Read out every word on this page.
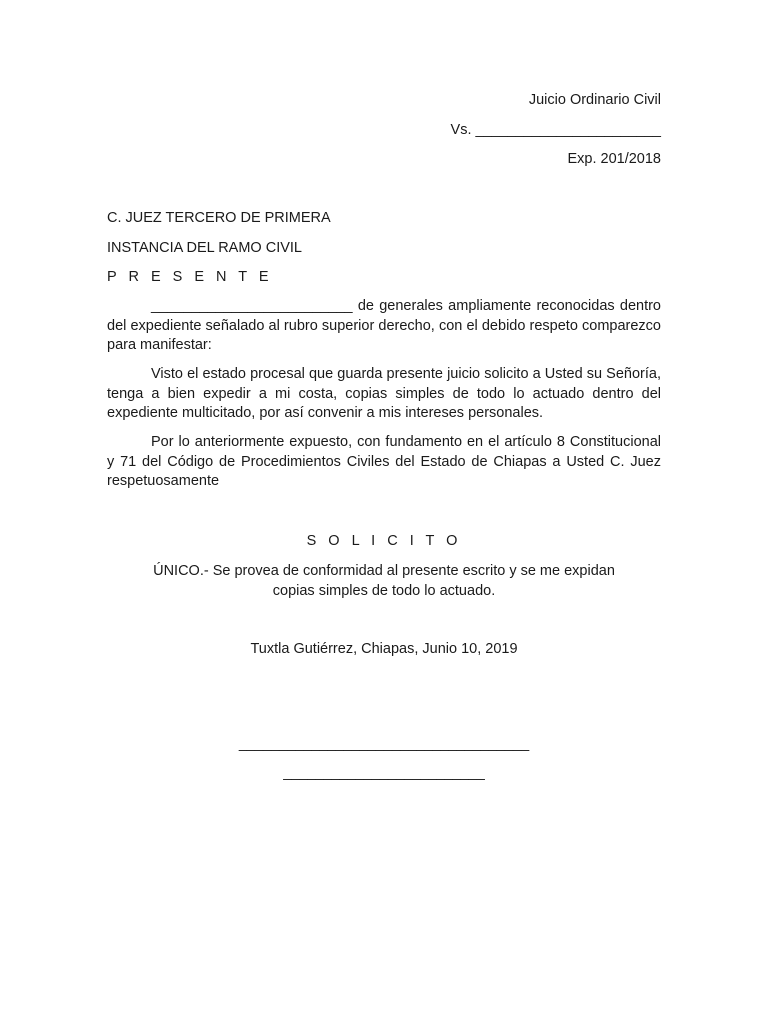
Juicio Ordinario Civil
Vs. _______________________
Exp. 201/2018
C. JUEZ TERCERO DE PRIMERA
INSTANCIA DEL RAMO CIVIL
P R E S E N T E
_________________________ de generales ampliamente reconocidas dentro del expediente señalado al rubro superior derecho, con el debido respeto comparezco para manifestar:
Visto el estado procesal que guarda presente juicio solicito a Usted su Señoría, tenga a bien expedir a mi costa, copias simples de todo lo actuado dentro del expediente multicitado, por así convenir a mis intereses personales.
Por lo anteriormente expuesto, con fundamento en el artículo 8 Constitucional y 71 del Código de Procedimientos Civiles del Estado de Chiapas a Usted C. Juez respetuosamente
S O L I C I T O
ÚNICO.- Se provea de conformidad al presente escrito y se me expidan copias simples de todo lo actuado.
Tuxtla Gutiérrez, Chiapas, Junio 10, 2019
____________________________________
_________________________
